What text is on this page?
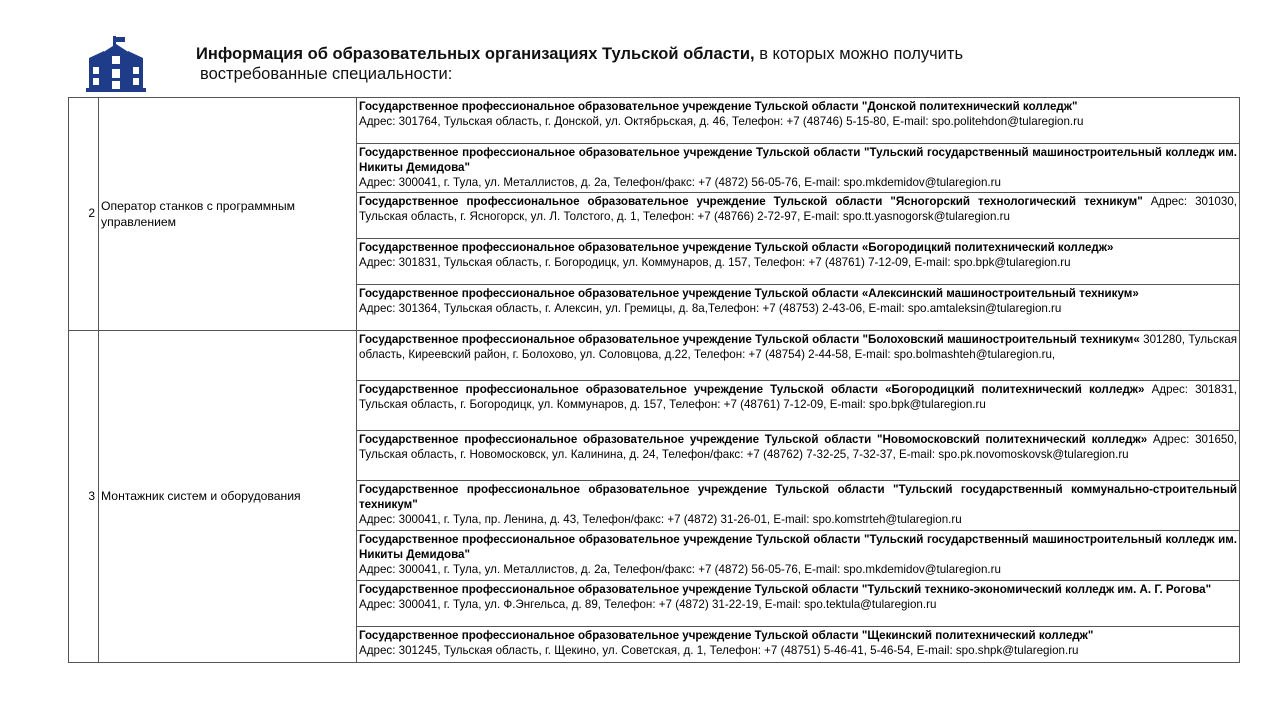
Информация об образовательных организациях Тульской области, в которых можно получить
востребованные специальности:
2	Оператор станков с программным управлением	Государственное профессиональное образовательное учреждение Тульской области "Донской политехнический колледж"
Адрес: 301764, Тульская область, г. Донской, ул. Октябрьская, д. 46, Телефон: +7 (48746) 5-15-80, E-mail: spo.politehdon@tularegion.ru
		Государственное профессиональное образовательное учреждение Тульской области "Тульский государственный машиностроительный колледж им. Никиты Демидова"
Адрес: 300041, г. Тула, ул. Металлистов, д. 2а, Телефон/факс: +7 (4872) 56-05-76, E-mail: spo.mkdemidov@tularegion.ru
		Государственное профессиональное образовательное учреждение Тульской области "Ясногорский технологический техникум" Адрес: 301030, Тульская область, г. Ясногорск, ул. Л. Толстого, д. 1, Телефон: +7 (48766) 2-72-97, E-mail: spo.tt.yasnogorsk@tularegion.ru
		Государственное профессиональное образовательное учреждение Тульской области «Богородицкий политехнический колледж»
Адрес: 301831, Тульская область, г. Богородицк, ул. Коммунаров, д. 157, Телефон: +7 (48761) 7-12-09, E-mail: spo.bpk@tularegion.ru
		Государственное профессиональное образовательное учреждение Тульской области «Алексинский машиностроительный техникум»
Адрес: 301364, Тульская область, г. Алексин, ул. Гремицы, д. 8а,Телефон: +7 (48753) 2-43-06, E-mail: spo.amtaleksin@tularegion.ru
3	Монтажник систем и оборудования	Государственное профессиональное образовательное учреждение Тульской области "Болоховский машиностроительный техникум« 301280, Тульская область, Киреевский район, г. Болохово, ул. Соловцова, д.22, Телефон: +7 (48754) 2-44-58, E-mail: spo.bolmashteh@tularegion.ru,
		Государственное профессиональное образовательное учреждение Тульской области «Богородицкий политехнический колледж» Адрес: 301831, Тульская область, г. Богородицк, ул. Коммунаров, д. 157, Телефон: +7 (48761) 7-12-09, E-mail: spo.bpk@tularegion.ru
		Государственное профессиональное образовательное учреждение Тульской области "Новомосковский политехнический колледж» Адрес: 301650, Тульская область, г. Новомосковск, ул. Калинина, д. 24, Телефон/факс: +7 (48762) 7-32-25, 7-32-37, E-mail: spo.pk.novomoskovsk@tularegion.ru
		Государственное профессиональное образовательное учреждение Тульской области "Тульский государственный коммунально-строительный техникум"
Адрес: 300041, г. Тула, пр. Ленина, д. 43, Телефон/факс: +7 (4872) 31-26-01, E-mail: spo.komstrteh@tularegion.ru
		Государственное профессиональное образовательное учреждение Тульской области "Тульский государственный машиностроительный колледж им. Никиты Демидова"
Адрес: 300041, г. Тула, ул. Металлистов, д. 2а, Телефон/факс: +7 (4872) 56-05-76, E-mail: spo.mkdemidov@tularegion.ru
		Государственное профессиональное образовательное учреждение Тульской области "Тульский технико-экономический колледж им. А. Г. Рогова"
Адрес: 300041, г. Тула, ул. Ф.Энгельса, д. 89, Телефон: +7 (4872) 31-22-19, E-mail: spo.tektula@tularegion.ru
		Государственное профессиональное образовательное учреждение Тульской области "Щекинский политехнический колледж"
Адрес: 301245, Тульская область, г. Щекино, ул. Советская, д. 1, Телефон: +7 (48751) 5-46-41, 5-46-54, E-mail: spo.shpk@tularegion.ru
